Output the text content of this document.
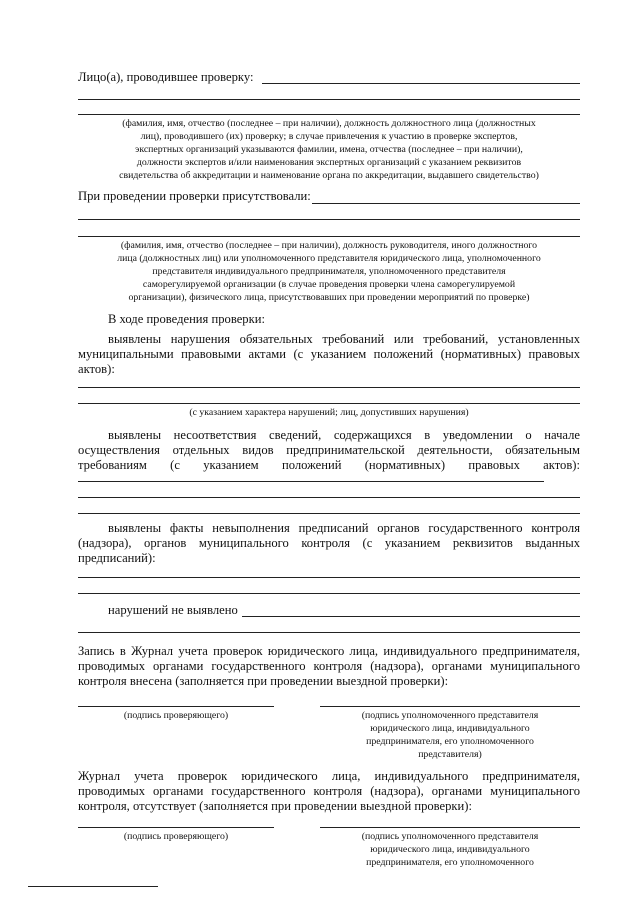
Лицо(а), проводившее проверку:
(фамилия, имя, отчество (последнее – при наличии), должность должностного лица (должностных
лиц), проводившего (их) проверку; в случае привлечения к участию в проверке экспертов,
экспертных организаций указываются фамилии, имена, отчества (последнее – при наличии),
должности экспертов и/или наименования экспертных организаций с указанием реквизитов
свидетельства об аккредитации и наименование органа по аккредитации, выдавшего свидетельство)
При проведении проверки присутствовали:
(фамилия, имя, отчество (последнее – при наличии), должность руководителя, иного должностного
лица (должностных лиц) или уполномоченного представителя юридического лица, уполномоченного
представителя индивидуального предпринимателя, уполномоченного представителя
саморегулируемой организации (в случае проведения проверки члена саморегулируемой
организации), физического лица, присутствовавших при проведении мероприятий по проверке)
В ходе проведения проверки:
выявлены нарушения обязательных требований или требований, установленных
муниципальными правовыми актами (с указанием положений (нормативных) правовых
актов):
(с указанием характера нарушений; лиц, допустивших нарушения)
выявлены несоответствия сведений, содержащихся в уведомлении о начале
осуществления отдельных видов предпринимательской деятельности, обязательным
требованиям (с указанием положений (нормативных) правовых актов):
выявлены факты невыполнения предписаний органов государственного контроля
(надзора), органов муниципального контроля (с указанием реквизитов выданных
предписаний):
нарушений не выявлено
Запись в Журнал учета проверок юридического лица, индивидуального предпринимателя,
проводимых органами государственного контроля (надзора), органами муниципального
контроля внесена (заполняется при проведении выездной проверки):
(подпись проверяющего)	(подпись уполномоченного представителя
юридического лица, индивидуального
предпринимателя, его уполномоченного
представителя)
Журнал учета проверок юридического лица, индивидуального предпринимателя,
проводимых органами государственного контроля (надзора), органами муниципального
контроля, отсутствует (заполняется при проведении выездной проверки):
(подпись проверяющего)	(подпись уполномоченного представителя
юридического лица, индивидуального
предпринимателя, его уполномоченного
